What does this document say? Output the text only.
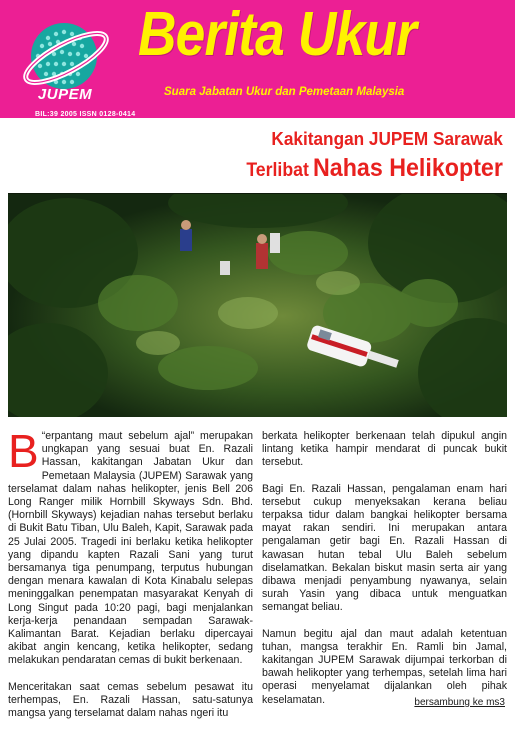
JUPEM
Berita Ukur
Suara Jabatan Ukur dan Pemetaan Malaysia
BIL:39 2005 ISSN 0128-0414
Kakitangan JUPEM Sarawak
Terlibat Nahas Helikopter

“
B erpantang maut sebelum ajal” merupakan ungkapan yang sesuai buat En. Razali Hassan, kakitangan Jabatan Ukur dan Pemetaan Malaysia (JUPEM) Sarawak yang terselamat dalam nahas helikopter, jenis Bell 206 Long Ranger milik Hornbill Skyways Sdn. Bhd. (Hornbill Skyways) kejadian nahas tersebut berlaku di Bukit Batu Tiban, Ulu Baleh, Kapit, Sarawak pada 25 Julai 2005. Tragedi ini berlaku ketika helikopter yang dipandu kapten Razali Sani yang turut bersamanya tiga penumpang, terputus hubungan dengan menara kawalan di Kota Kinabalu selepas meninggalkan penempatan masyarakat Kenyah di Long Singut pada 10:20 pagi, bagi menjalankan kerja-kerja penandaan sempadan Sarawak-Kalimantan Barat. Kejadian berlaku dipercayai akibat angin kencang, ketika helikopter, sedang melakukan pendaratan cemas di bukit berkenaan.

Menceritakan saat cemas sebelum pesawat itu terhempas, En. Razali Hassan, satu-satunya mangsa yang terselamat dalam nahas ngeri itu

berkata helikopter berkenaan telah dipukul angin lintang ketika hampir mendarat di puncak bukit tersebut.

Bagi En. Razali Hassan, pengalaman enam hari tersebut cukup menyeksakan kerana beliau terpaksa tidur dalam bangkai helikopter bersama mayat rakan sendiri. Ini merupakan antara pengalaman getir bagi En. Razali Hassan di kawasan hutan tebal Ulu Baleh sebelum diselamatkan. Bekalan biskut masin serta air yang dibawa menjadi penyambung nyawanya, selain surah Yasin yang dibaca untuk menguatkan semangat beliau.

Namun begitu ajal dan maut adalah ketentuan tuhan, mangsa terakhir En. Ramli bin Jamal, kakitangan JUPEM Sarawak dijumpai terkorban di bawah helikopter yang terhempas, setelah lima hari operasi menyelamat dijalankan oleh pihak keselamatan.	bersambung ke ms3
